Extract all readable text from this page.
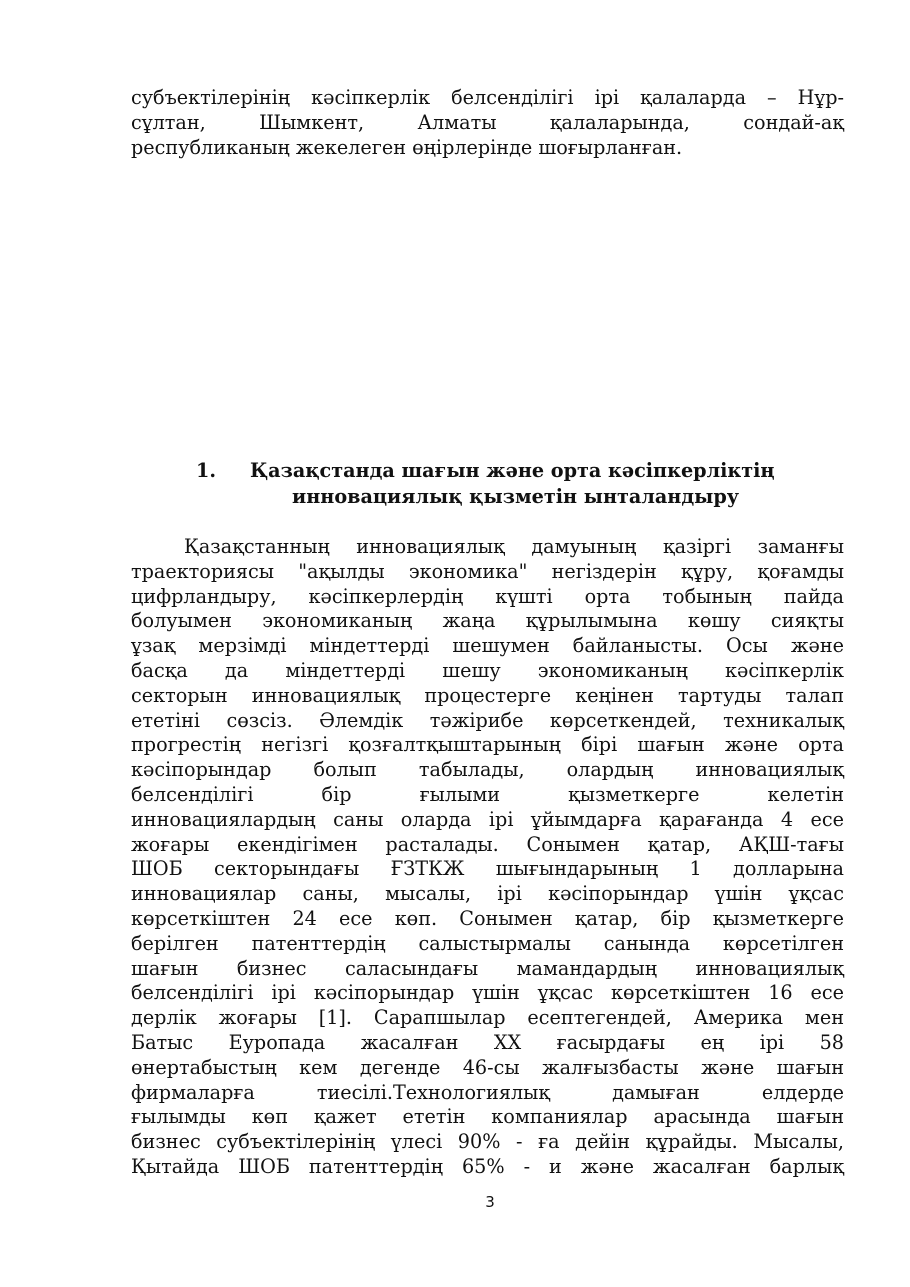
субъектілерінің кәсіпкерлік белсенділігі ірі қалаларда – Нұр-
сұлтан, Шымкент, Алматы қалаларында, сондай-ақ
республиканың жекелеген өңірлерінде шоғырланған.
1. Қазақстанда шағын және орта кәсіпкерліктің
инновациялық қызметін ынталандыру
Қазақстанның инновациялық дамуының қазіргі заманғы
траекториясы "ақылды экономика" негіздерін құру, қоғамды
цифрландыру, кәсіпкерлердің күшті орта тобының пайда
болуымен экономиканың жаңа құрылымына көшу сияқты
ұзақ мерзімді міндеттерді шешумен байланысты. Осы және
басқа да міндеттерді шешу экономиканың кәсіпкерлік
секторын инновациялық процестерге кеңінен тартуды талап
ететіні сөзсіз. Әлемдік тәжірибе көрсеткендей, техникалық
прогрестің негізгі қозғалтқыштарының бірі шағын және орта
кәсіпорындар болып табылады, олардың инновациялық
белсенділігі бір ғылыми қызметкерге келетін
инновациялардың саны оларда ірі ұйымдарға қарағанда 4 есе
жоғары екендігімен расталады. Сонымен қатар, АҚШ-тағы
ШОБ секторындағы ҒЗТКЖ шығындарының 1 долларына
инновациялар саны, мысалы, ірі кәсіпорындар үшін ұқсас
көрсеткіштен 24 есе көп. Сонымен қатар, бір қызметкерге
берілген патенттердің салыстырмалы санында көрсетілген
шағын бизнес саласындағы мамандардың инновациялық
белсенділігі ірі кәсіпорындар үшін ұқсас көрсеткіштен 16 есе
дерлік жоғары [1]. Сарапшылар есептегендей, Америка мен
Батыс Еуропада жасалған XX ғасырдағы ең ірі 58
өнертабыстың кем дегенде 46-сы жалғызбасты және шағын
фирмаларға тиесілі.Технологиялық дамыған елдерде
ғылымды көп қажет ететін компаниялар арасында шағын
бизнес субъектілерінің үлесі 90% - ға дейін құрайды. Мысалы,
Қытайда ШОБ патенттердің 65% - и және жасалған барлық
3
